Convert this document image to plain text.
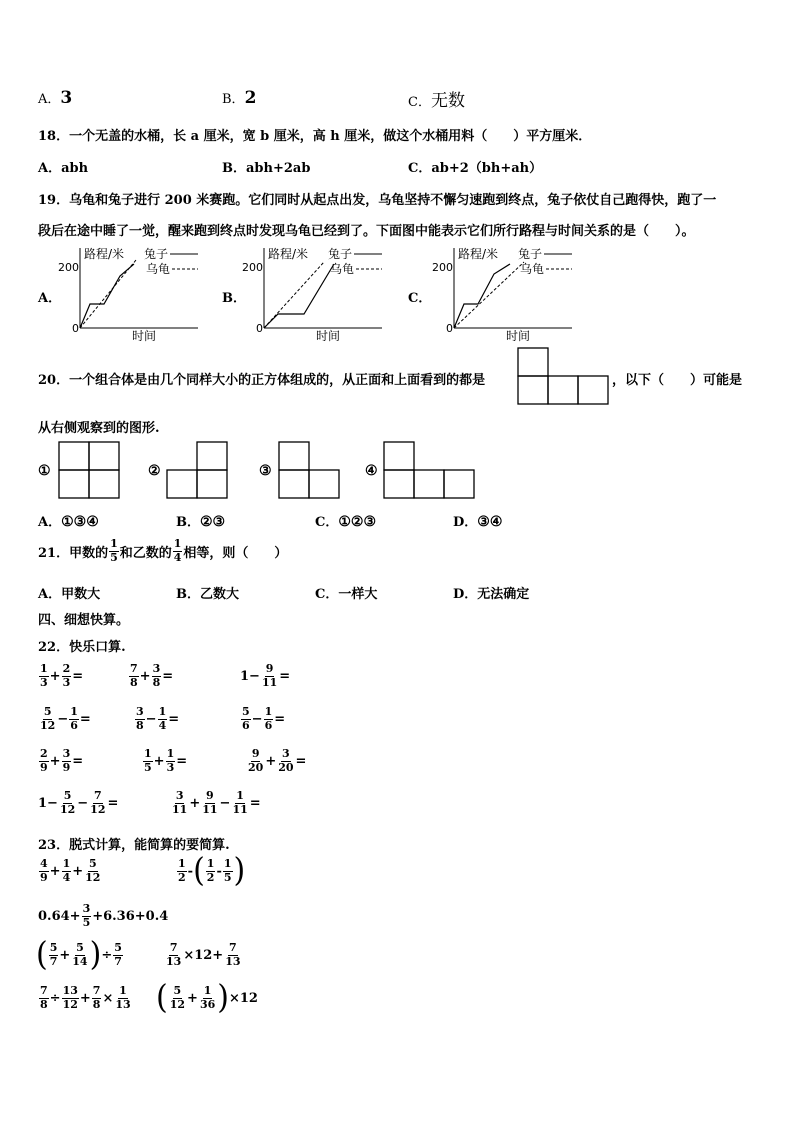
A．3	B．2	C．无数
18．一个无盖的水桶，长 a 厘米，宽 b 厘米，高 h 厘米，做这个水桶用料（　　）平方厘米．
A．abh	B．abh+2ab	C．ab+2（bh+ah）
19．乌龟和兔子进行 200 米赛跑。它们同时从起点出发，乌龟坚持不懈匀速跑到终点，兔子依仗自己跑得快，跑了一
段后在途中睡了一觉，醒来跑到终点时发现乌龟已经到了。下面图中能表示它们所行路程与时间关系的是（　　）。
A．	B．	C．
路程/米
200
0
时间
兔子
乌龟
路程/米
200
0
时间
兔子
乌龟
路程/米
200
0
时间
兔子
乌龟
20．一个组合体是由几个同样大小的正方体组成的，从正面和上面看到的都是	，以下（　　）可能是
从右侧观察到的图形.
①	②	③	④
A．①③④	B．②③	C．①②③	D．③④
21．甲数的 $\frac{1}{5}$ 和乙数的 $\frac{1}{4}$ 相等，则（　　）
A．甲数大	B．乙数大	C．一样大	D．无法确定
四、细想快算。
22．快乐口算.
$\frac{1}{3} + \frac{2}{3}$ =	$\frac{7}{8} + \frac{3}{8}$ =	$1 - \frac{9}{11}$ =
$\frac{5}{12} - \frac{1}{6}$ =	$\frac{3}{8} - \frac{1}{4}$ =	$\frac{5}{6} - \frac{1}{6}$ =
$\frac{2}{9} + \frac{3}{9}$ =	$\frac{1}{5} + \frac{1}{3}$ =	$\frac{9}{20} + \frac{3}{20}$ =
$1 - \frac{5}{12} - \frac{7}{12}$ =	$\frac{3}{11} + \frac{9}{11} - \frac{1}{11}$ =
23．脱式计算，能简算的要简算.
$\frac{4}{9} + \frac{1}{4} + \frac{5}{12}$	$\frac{1}{2}$ - ( $\frac{1}{2} - \frac{1}{5}$ )
$0.64+ \frac{3}{5} +6.36+0.4$
( $\frac{5}{7} + \frac{5}{14}$ ) ÷ $\frac{5}{7}$	$\frac{7}{13} \times 12+ \frac{7}{13}$
$\frac{7}{8} \div \frac{13}{12} + \frac{7}{8} \times \frac{1}{13}$ ( $\frac{5}{12} + \frac{1}{36}$ ) ×12
